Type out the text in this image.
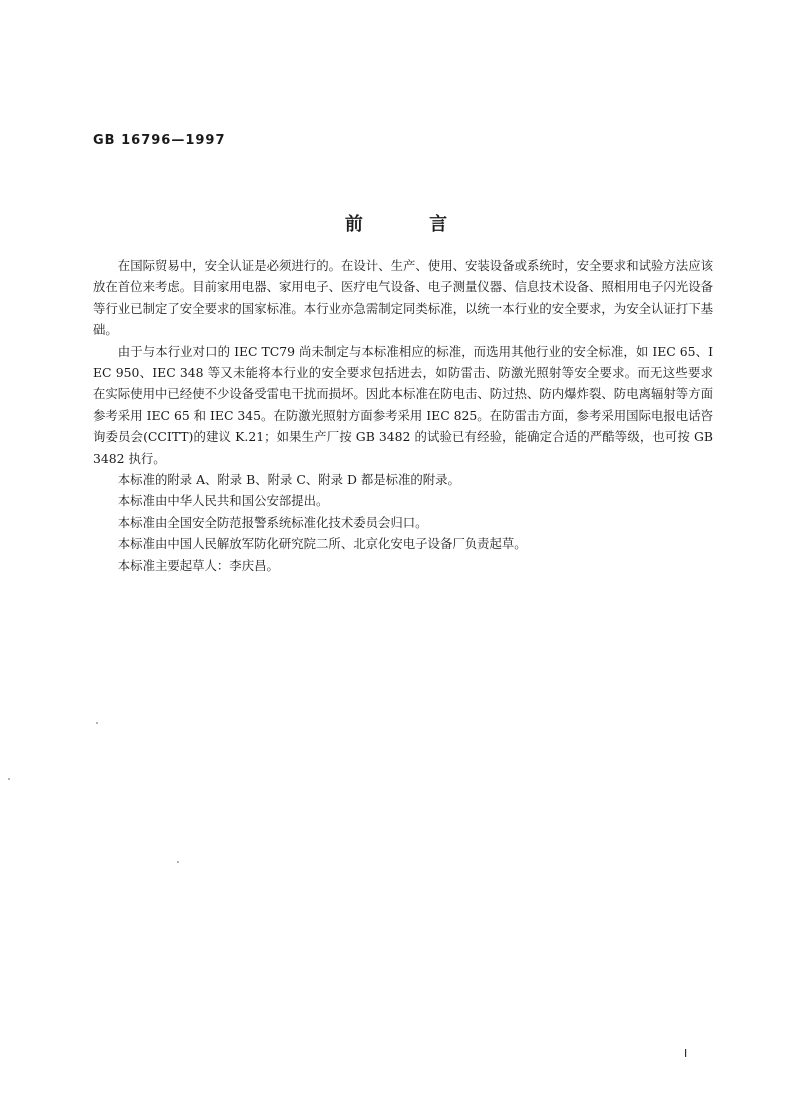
GB 16796—1997
前 言

在国际贸易中，安全认证是必须进行的。在设计、生产、使用、安装设备或系统时，安全要求和试验方法应该放在首位来考虑。目前家用电器、家用电子、医疗电气设备、电子测量仪器、信息技术设备、照相用电子闪光设备等行业已制定了安全要求的国家标准。本行业亦急需制定同类标准，以统一本行业的安全要求，为安全认证打下基础。

由于与本行业对口的 IEC TC79 尚未制定与本标准相应的标准，而选用其他行业的安全标准，如 IEC 65、IEC 950、IEC 348 等又未能将本行业的安全要求包括进去，如防雷击、防激光照射等安全要求。而无这些要求在实际使用中已经使不少设备受雷电干扰而损坏。因此本标准在防电击、防过热、防内爆炸裂、防电离辐射等方面参考采用 IEC 65 和 IEC 345。在防激光照射方面参考采用 IEC 825。在防雷击方面，参考采用国际电报电话咨询委员会(CCITT)的建议 K.21；如果生产厂按 GB 3482 的试验已有经验，能确定合适的严酷等级，也可按 GB 3482 执行。

本标准的附录 A、附录 B、附录 C、附录 D 都是标准的附录。

本标准由中华人民共和国公安部提出。

本标准由全国安全防范报警系统标准化技术委员会归口。

本标准由中国人民解放军防化研究院二所、北京化安电子设备厂负责起草。

本标准主要起草人：李庆昌。

I
